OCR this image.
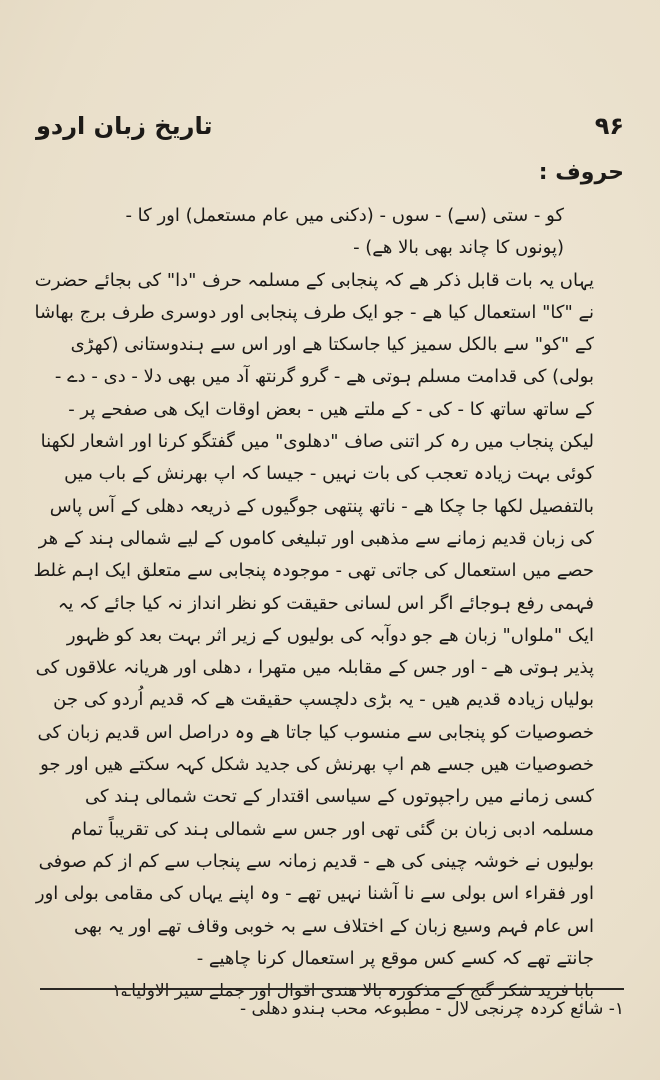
۹۶
تاریخ زبان اردو
حروف :

کو - ستی (سے) - سوں - (دکنی میں عام مستعمل) اور کا -

(پونوں کا چاند بھی بالا ھے) -

یہاں یہ بات قابل ذکر ھے کہ پنجابی کے مسلمہ حرف "دا" کی بجائے حضرت نے "کا" استعمال کیا ھے - جو ایک طرف پنجابی اور دوسری طرف برج بھاشا کے "کو" سے بالکل سمیز کیا جاسکتا ھے اور اس سے ہندوستانی (کھڑی بولی) کی قدامت مسلم ہوتی ھے - گرو گرنتھ آد میں بھی دلا - دی - دے - کے ساتھ ساتھ کا - کی - کے ملتے ھیں - بعض اوقات ایک ھی صفحے پر -

لیکن پنجاب میں رہ کر اتنی صاف "دھلوی" میں گفتگو کرنا اور اشعار لکھنا کوئی بہت زیادہ تعجب کی بات نہیں - جیسا کہ اپ بھرنش کے باب میں بالتفصیل لکھا جا چکا ھے - ناتھ پنتھی جوگیوں کے ذریعہ دھلی کے آس پاس کی زبان قدیم زمانے سے مذھبی اور تبلیغی کاموں کے لیے شمالی ہند کے ھر حصے میں استعمال کی جاتی تھی - موجودہ پنجابی سے متعلق ایک اہم غلط فہمی رفع ہوجائے اگر اس لسانی حقیقت کو نظر انداز نہ کیا جائے کہ یہ ایک "ملواں" زبان ھے جو دوآبہ کی بولیوں کے زیر اثر بہت بعد کو ظہور پذیر ہوتی ھے - اور جس کے مقابلہ میں متھرا ، دھلی اور ھریانہ علاقوں کی بولیاں زیادہ قدیم ھیں - یہ بڑی دلچسپ حقیقت ھے کہ قدیم اُردو کی جن خصوصیات کو پنجابی سے منسوب کیا جاتا ھے وہ دراصل اس قدیم زبان کی خصوصیات ھیں جسے ھم اپ بھرنش کی جدید شکل کہہ سکتے ھیں اور جو کسی زمانے میں راجپوتوں کے سیاسی اقتدار کے تحت شمالی ہند کی مسلمہ ادبی زبان بن گئی تھی اور جس سے شمالی ہند کی تقریباً تمام بولیوں نے خوشہ چینی کی ھے - قدیم زمانہ سے پنجاب سے کم از کم صوفی اور فقراء اس بولی سے نا آشنا نہیں تھے - وہ اپنے یہاں کی مقامی بولی اور اس عام فہم وسیع زبان کے اختلاف سے بہ خوبی وقاف تھے اور یہ بھی جانتے تھے کہ کسے کس موقع پر استعمال کرنا چاھیے -

بابا فرید شکر گنج کے مذکورہ بالا ھندی اقوال اور جملے سیر الاولیا؎۱

۱- شائع کردہ چرنجی لال - مطبوعہ محب ہندو دھلی -
